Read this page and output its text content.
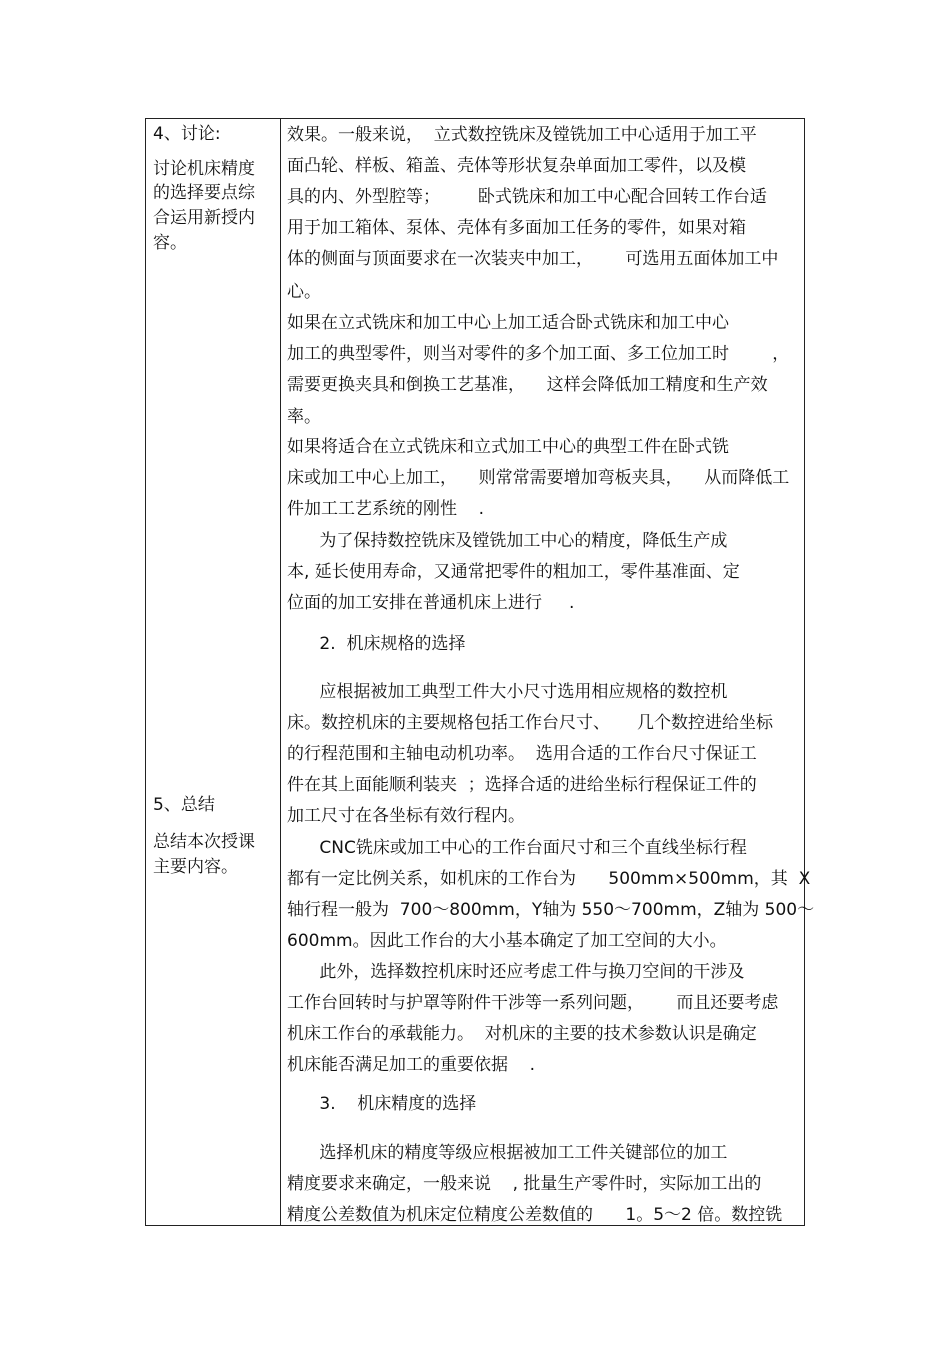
4、讨论:
讨论机床精度
的选择要点综
合运用新授内
容。
5、总结
总结本次授课
主要内容。
效果。一般来说，  立式数控铣床及镗铣加工中心适用于加工平
面凸轮、样板、箱盖、壳体等形状复杂单面加工零件，以及模
具的内、外型腔等；       卧式铣床和加工中心配合回转工作台适
用于加工箱体、泵体、壳体有多面加工任务的零件，如果对箱
体的侧面与顶面要求在一次装夹中加工，      可选用五面体加工中
心。
如果在立式铣床和加工中心上加工适合卧式铣床和加工中心
加工的典型零件，则当对零件的多个加工面、多工位加工时        ，
需要更换夹具和倒换工艺基准，    这样会降低加工精度和生产效
率。
如果将适合在立式铣床和立式加工中心的典型工件在卧式铣
床或加工中心上加工，    则常常需要增加弯板夹具，    从而降低工
件加工工艺系统的刚性    .
为了保持数控铣床及镗铣加工中心的精度，降低生产成
本, 延长使用寿命，又通常把零件的粗加工，零件基准面、定
位面的加工安排在普通机床上进行     .
2.  机床规格的选择
应根据被加工典型工件大小尺寸选用相应规格的数控机
床。数控机床的主要规格包括工作台尺寸、     几个数控进给坐标
的行程范围和主轴电动机功率。  选用合适的工作台尺寸保证工
件在其上面能顺利装夹  ；选择合适的进给坐标行程保证工件的
加工尺寸在各坐标有效行程内。
CNC铣床或加工中心的工作台面尺寸和三个直线坐标行程
都有一定比例关系，如机床的工作台为      500mm×500mm，其  X
轴行程一般为  700～800mm，Y轴为 550～700mm，Z轴为 500～
600mm。因此工作台的大小基本确定了加工空间的大小。
此外，选择数控机床时还应考虑工件与换刀空间的干涉及
工作台回转时与护罩等附件干涉等一系列问题，      而且还要考虑
机床工作台的承载能力。  对机床的主要的技术参数认识是确定
机床能否满足加工的重要依据    .
3.    机床精度的选择
选择机床的精度等级应根据被加工工件关键部位的加工
精度要求来确定，一般来说    , 批量生产零件时，实际加工出的
精度公差数值为机床定位精度公差数值的      1。5～2 倍。数控铣
